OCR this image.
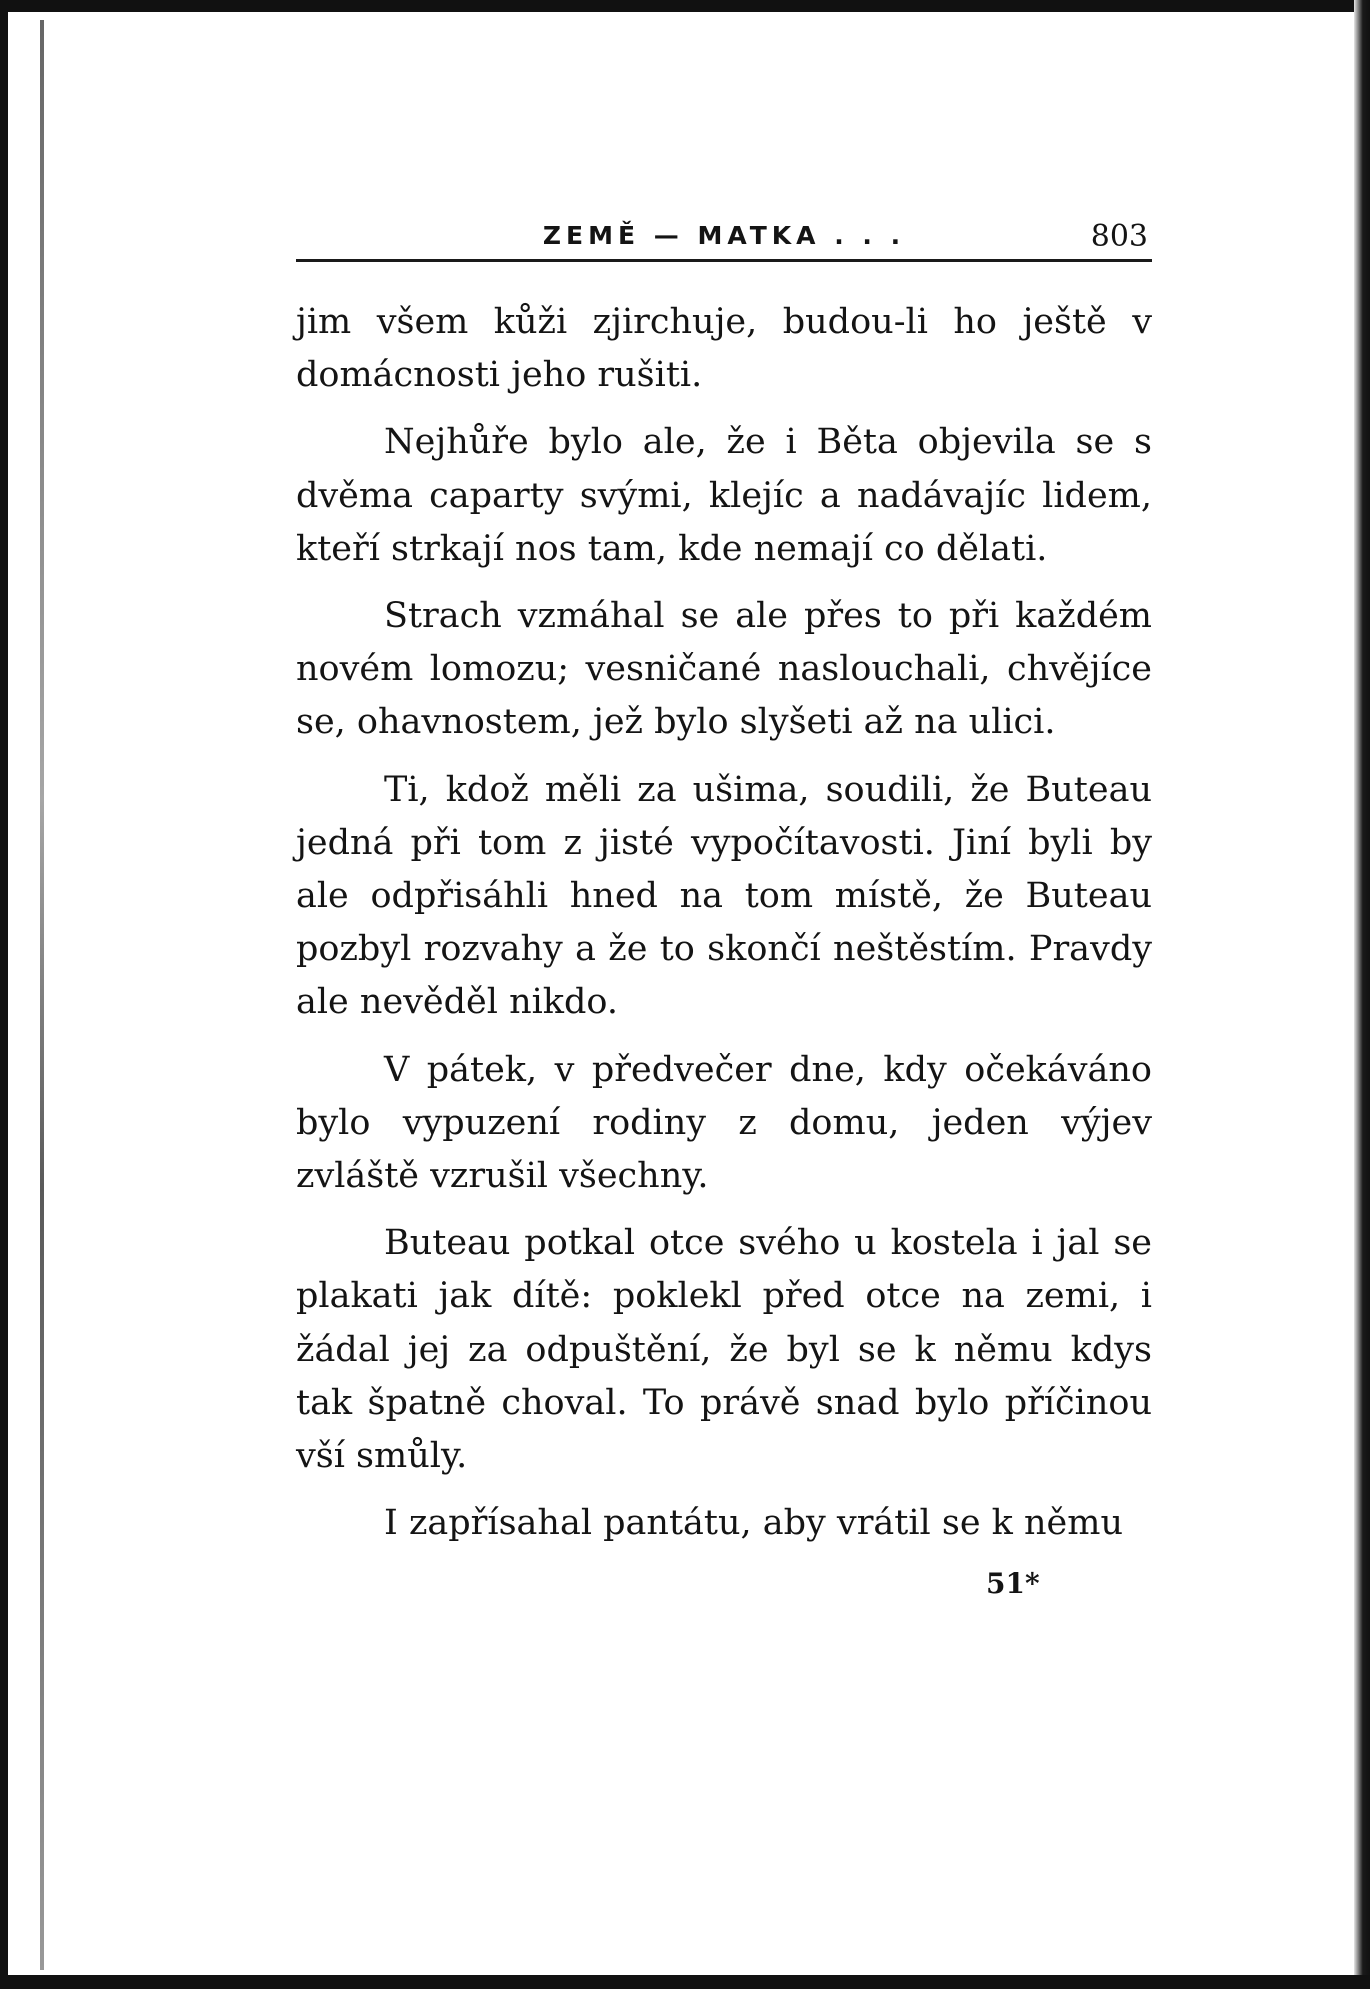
ZEMĚ — MATKA . . .	803

jim všem kůži zjirchuje, budou-li ho ještě v domácnosti jeho rušiti.

Nejhůře bylo ale, že i Běta objevila se s dvěma caparty svými, klejíc a nadávajíc lidem, kteří strkají nos tam, kde nemají co dělati.

Strach vzmáhal se ale přes to při každém novém lomozu; vesničané naslouchali, chvějíce se, ohavnostem, jež bylo slyšeti až na ulici.

Ti, kdož měli za ušima, soudili, že Buteau jedná při tom z jisté vypočítavosti. Jiní byli by ale odpřisáhli hned na tom místě, že Buteau pozbyl rozvahy a že to skončí neštěstím. Pravdy ale nevěděl nikdo.

V pátek, v předvečer dne, kdy očekáváno bylo vypuzení rodiny z domu, jeden výjev zvláště vzrušil všechny.

Buteau potkal otce svého u kostela i jal se plakati jak dítě: poklekl před otce na zemi, i žádal jej za odpuštění, že byl se k němu kdys tak špatně choval. To právě snad bylo příčinou vší smůly.

I zapřísahal pantátu, aby vrátil se k němu

51*
